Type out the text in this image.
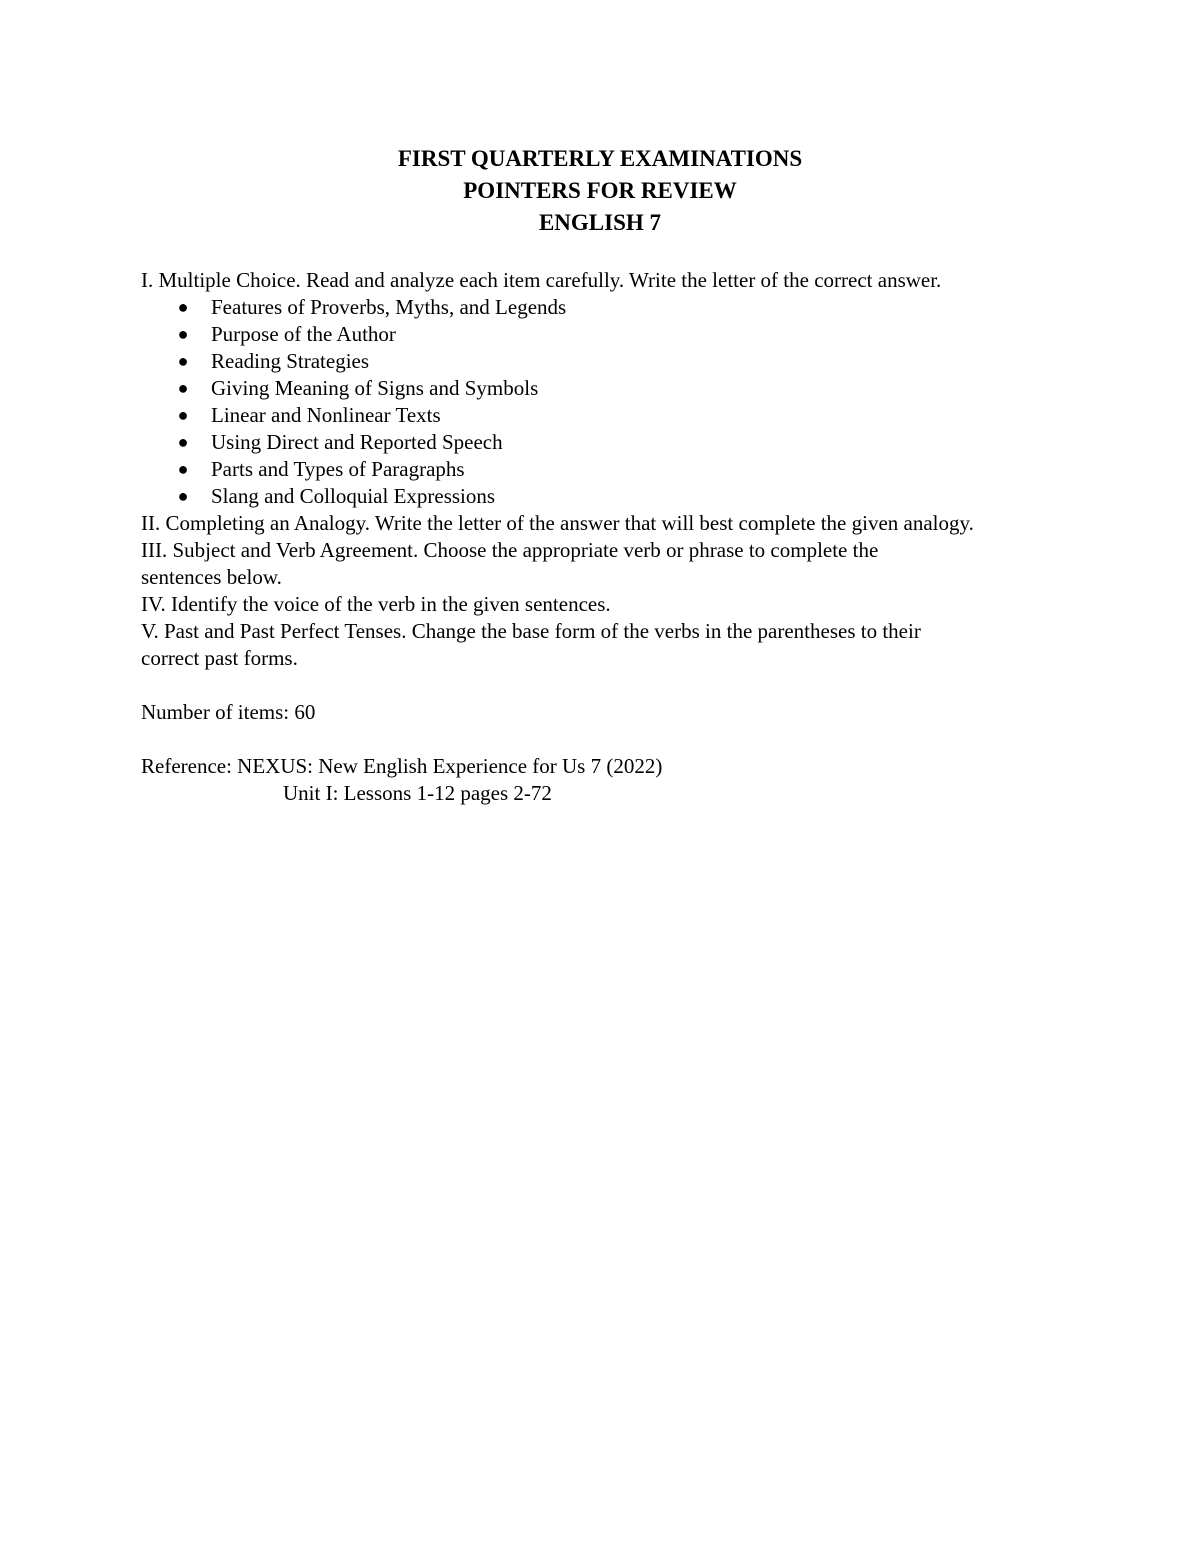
FIRST QUARTERLY EXAMINATIONS
POINTERS FOR REVIEW
ENGLISH 7

I. Multiple Choice. Read and analyze each item carefully. Write the letter of the correct answer.

● Features of Proverbs, Myths, and Legends
● Purpose of the Author
● Reading Strategies
● Giving Meaning of Signs and Symbols
● Linear and Nonlinear Texts
● Using Direct and Reported Speech
● Parts and Types of Paragraphs
● Slang and Colloquial Expressions

II. Completing an Analogy. Write the letter of the answer that will best complete the given analogy.

III. Subject and Verb Agreement. Choose the appropriate verb or phrase to complete the

sentences below.

IV. Identify the voice of the verb in the given sentences.

V. Past and Past Perfect Tenses. Change the base form of the verbs in the parentheses to their

correct past forms.

Number of items: 60

Reference: NEXUS: New English Experience for Us 7 (2022)

Unit I: Lessons 1-12 pages 2-72
